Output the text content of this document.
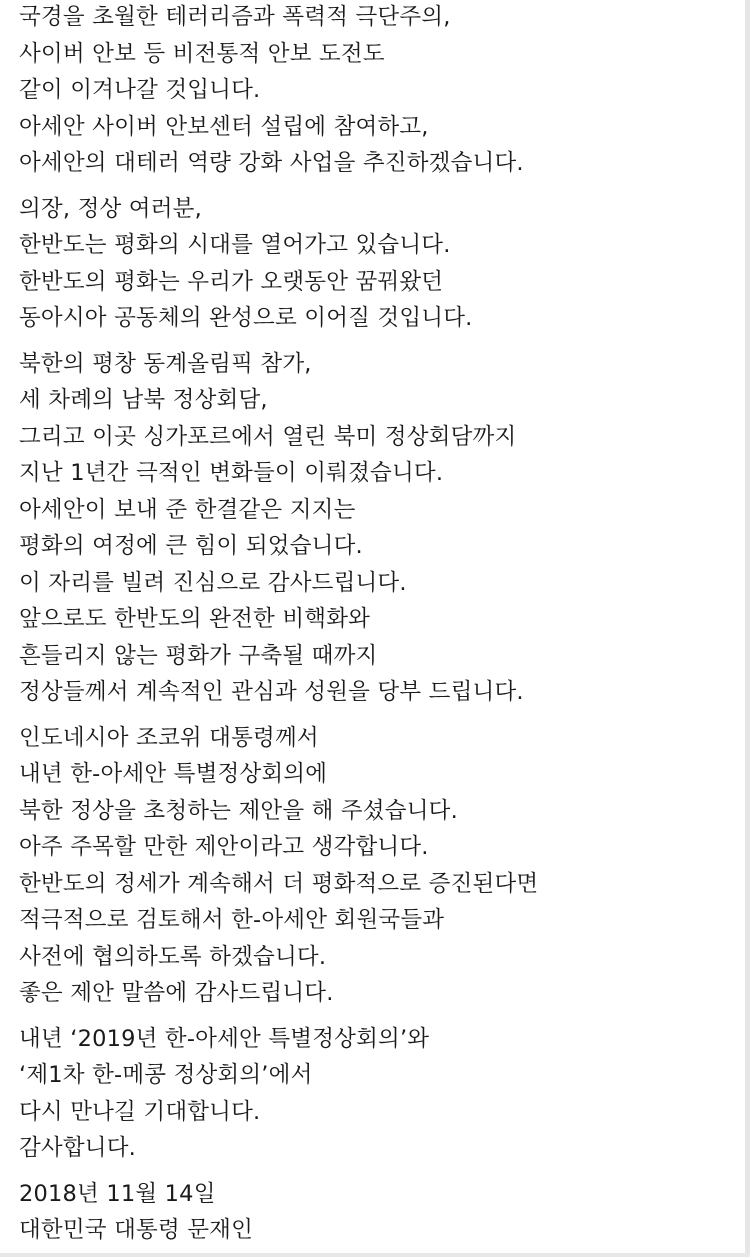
국경을 초월한 테러리즘과 폭력적 극단주의,
사이버 안보 등 비전통적 안보 도전도
같이 이겨나갈 것입니다.
아세안 사이버 안보센터 설립에 참여하고,
아세안의 대테러 역량 강화 사업을 추진하겠습니다.
의장, 정상 여러분,
한반도는 평화의 시대를 열어가고 있습니다.
한반도의 평화는 우리가 오랫동안 꿈꿔왔던
동아시아 공동체의 완성으로 이어질 것입니다.
북한의 평창 동계올림픽 참가,
세 차례의 남북 정상회담,
그리고 이곳 싱가포르에서 열린 북미 정상회담까지
지난 1년간 극적인 변화들이 이뤄졌습니다.
아세안이 보내 준 한결같은 지지는
평화의 여정에 큰 힘이 되었습니다.
이 자리를 빌려 진심으로 감사드립니다.
앞으로도 한반도의 완전한 비핵화와
흔들리지 않는 평화가 구축될 때까지
정상들께서 계속적인 관심과 성원을 당부 드립니다.
인도네시아 조코위 대통령께서
내년 한-아세안 특별정상회의에
북한 정상을 초청하는 제안을 해 주셨습니다.
아주 주목할 만한 제안이라고 생각합니다.
한반도의 정세가 계속해서 더 평화적으로 증진된다면
적극적으로 검토해서 한-아세안 회원국들과
사전에 협의하도록 하겠습니다.
좋은 제안 말씀에 감사드립니다.
내년 ‘2019년 한-아세안 특별정상회의’와
‘제1차 한-메콩 정상회의’에서
다시 만나길 기대합니다.
감사합니다.
2018년 11월 14일
대한민국 대통령 문재인
